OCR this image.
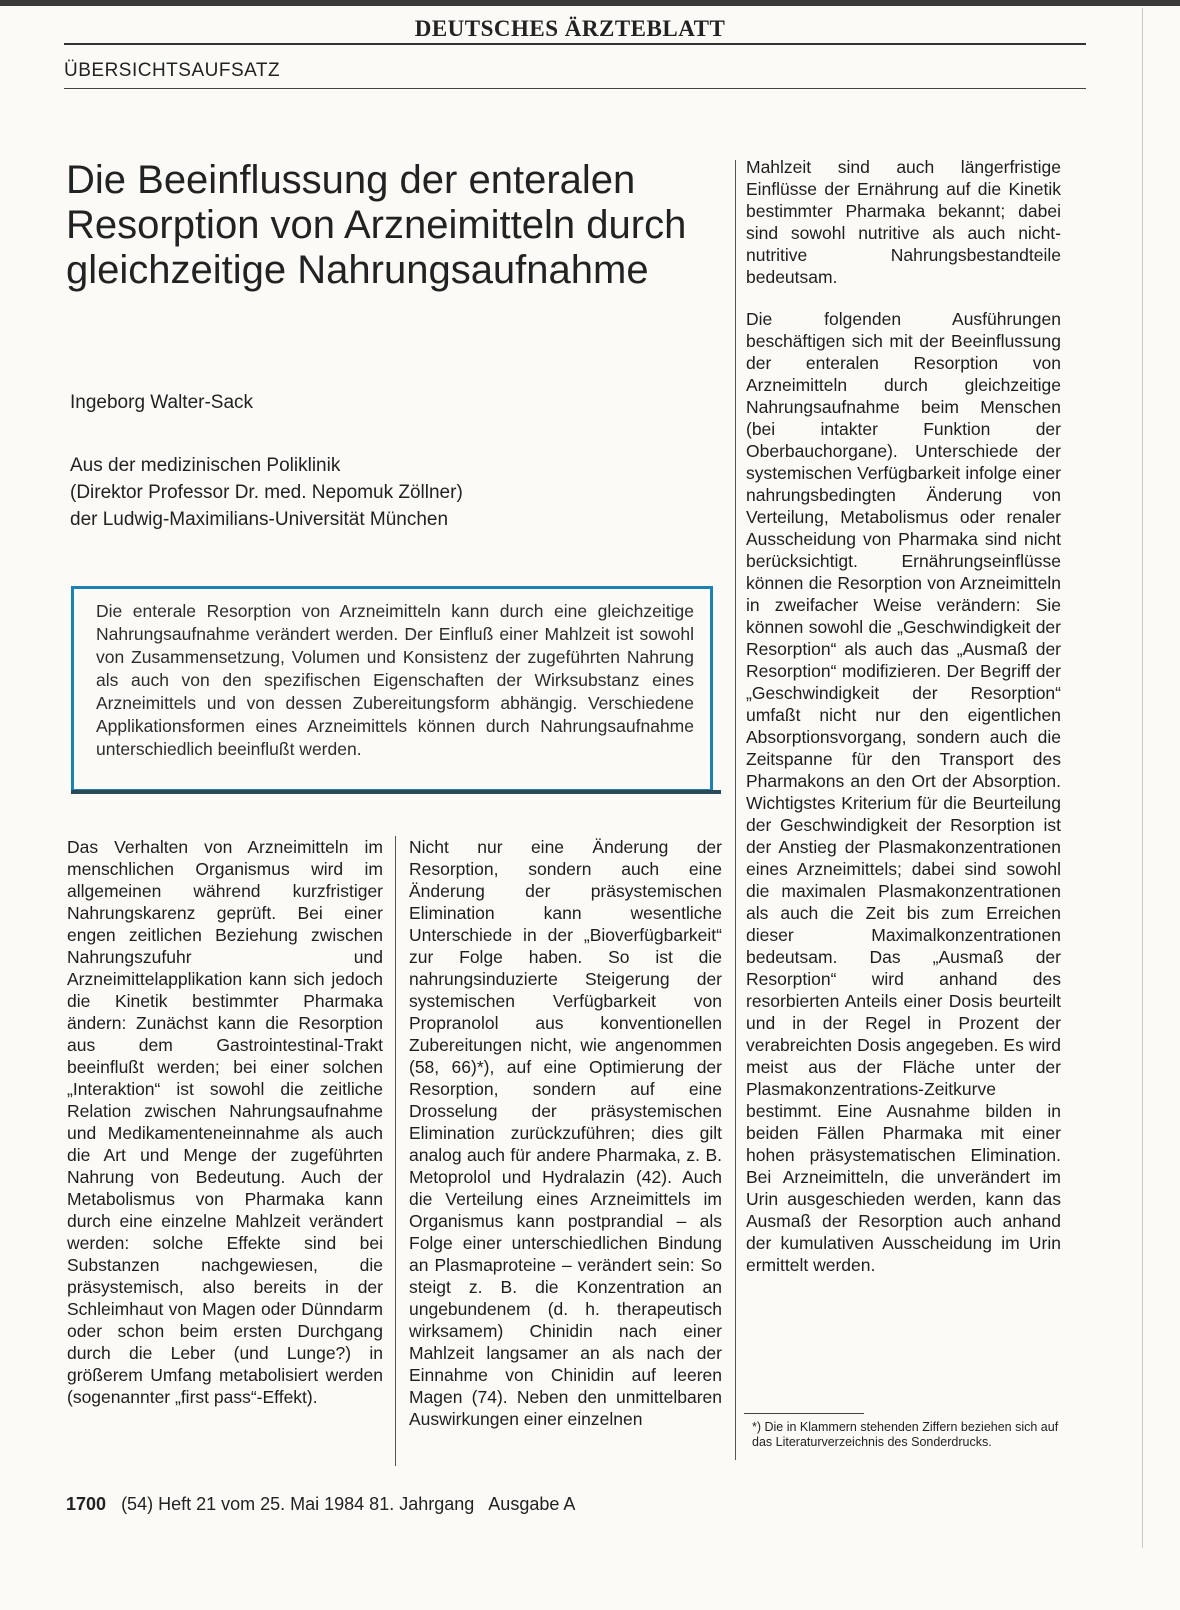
DEUTSCHES ÄRZTEBLATT
ÜBERSICHTSAUFSATZ
Die Beeinflussung der enteralen Resorption von Arzneimitteln durch gleichzeitige Nahrungsaufnahme
Ingeborg Walter-Sack
Aus der medizinischen Poliklinik
(Direktor Professor Dr. med. Nepomuk Zöllner)
der Ludwig-Maximilians-Universität München
Die enterale Resorption von Arzneimitteln kann durch eine gleichzeitige Nahrungsaufnahme verändert werden. Der Einfluß einer Mahlzeit ist sowohl von Zusammensetzung, Volumen und Konsistenz der zugeführten Nahrung als auch von den spezifischen Eigenschaften der Wirksubstanz eines Arzneimittels und von dessen Zubereitungsform abhängig. Verschiedene Applikationsformen eines Arzneimittels können durch Nahrungsaufnahme unterschiedlich beeinflußt werden.

Das Verhalten von Arzneimitteln im menschlichen Organismus wird im allgemeinen während kurzfristiger Nahrungskarenz geprüft. Bei einer engen zeitlichen Beziehung zwischen Nahrungszufuhr und Arzneimittelapplikation kann sich jedoch die Kinetik bestimmter Pharmaka ändern: Zunächst kann die Resorption aus dem Gastrointestinal-Trakt beeinflußt werden; bei einer solchen „Interaktion“ ist sowohl die zeitliche Relation zwischen Nahrungsaufnahme und Medikamenteneinnahme als auch die Art und Menge der zugeführten Nahrung von Bedeutung. Auch der Metabolismus von Pharmaka kann durch eine einzelne Mahlzeit verändert werden: solche Effekte sind bei Substanzen nachgewiesen, die präsystemisch, also bereits in der Schleimhaut von Magen oder Dünndarm oder schon beim ersten Durchgang durch die Leber (und Lunge?) in größerem Umfang metabolisiert werden (sogenannter „first pass“-Effekt).

Nicht nur eine Änderung der Resorption, sondern auch eine Änderung der präsystemischen Elimination kann wesentliche Unterschiede in der „Bioverfügbarkeit“ zur Folge haben. So ist die nahrungsinduzierte Steigerung der systemischen Verfügbarkeit von Propranolol aus konventionellen Zubereitungen nicht, wie angenommen (58, 66)*), auf eine Optimierung der Resorption, sondern auf eine Drosselung der präsystemischen Elimination zurückzuführen; dies gilt analog auch für andere Pharmaka, z. B. Metoprolol und Hydralazin (42). Auch die Verteilung eines Arzneimittels im Organismus kann postprandial – als Folge einer unterschiedlichen Bindung an Plasmaproteine – verändert sein: So steigt z. B. die Konzentration an ungebundenem (d. h. therapeutisch wirksamem) Chinidin nach einer Mahlzeit langsamer an als nach der Einnahme von Chinidin auf leeren Magen (74). Neben den unmittelbaren Auswirkungen einer einzelnen

Mahlzeit sind auch längerfristige Einflüsse der Ernährung auf die Kinetik bestimmter Pharmaka bekannt; dabei sind sowohl nutritive als auch nicht-nutritive Nahrungsbestandteile bedeutsam.

Die folgenden Ausführungen beschäftigen sich mit der Beeinflussung der enteralen Resorption von Arzneimitteln durch gleichzeitige Nahrungsaufnahme beim Menschen (bei intakter Funktion der Oberbauchorgane). Unterschiede der systemischen Verfügbarkeit infolge einer nahrungsbedingten Änderung von Verteilung, Metabolismus oder renaler Ausscheidung von Pharmaka sind nicht berücksichtigt. Ernährungseinflüsse können die Resorption von Arzneimitteln in zweifacher Weise verändern: Sie können sowohl die „Geschwindigkeit der Resorption“ als auch das „Ausmaß der Resorption“ modifizieren. Der Begriff der „Geschwindigkeit der Resorption“ umfaßt nicht nur den eigentlichen Absorptionsvorgang, sondern auch die Zeitspanne für den Transport des Pharmakons an den Ort der Absorption. Wichtigstes Kriterium für die Beurteilung der Geschwindigkeit der Resorption ist der Anstieg der Plasmakonzentrationen eines Arzneimittels; dabei sind sowohl die maximalen Plasmakonzentrationen als auch die Zeit bis zum Erreichen dieser Maximalkonzentrationen bedeutsam. Das „Ausmaß der Resorption“ wird anhand des resorbierten Anteils einer Dosis beurteilt und in der Regel in Prozent der verabreichten Dosis angegeben. Es wird meist aus der Fläche unter der Plasmakonzentrations-Zeitkurve bestimmt. Eine Ausnahme bilden in beiden Fällen Pharmaka mit einer hohen präsystematischen Elimination. Bei Arzneimitteln, die unverändert im Urin ausgeschieden werden, kann das Ausmaß der Resorption auch anhand der kumulativen Ausscheidung im Urin ermittelt werden.

*) Die in Klammern stehenden Ziffern beziehen sich auf das Literaturverzeichnis des Sonderdrucks.
1700 (54) Heft 21 vom 25. Mai 1984 81. Jahrgang Ausgabe A
